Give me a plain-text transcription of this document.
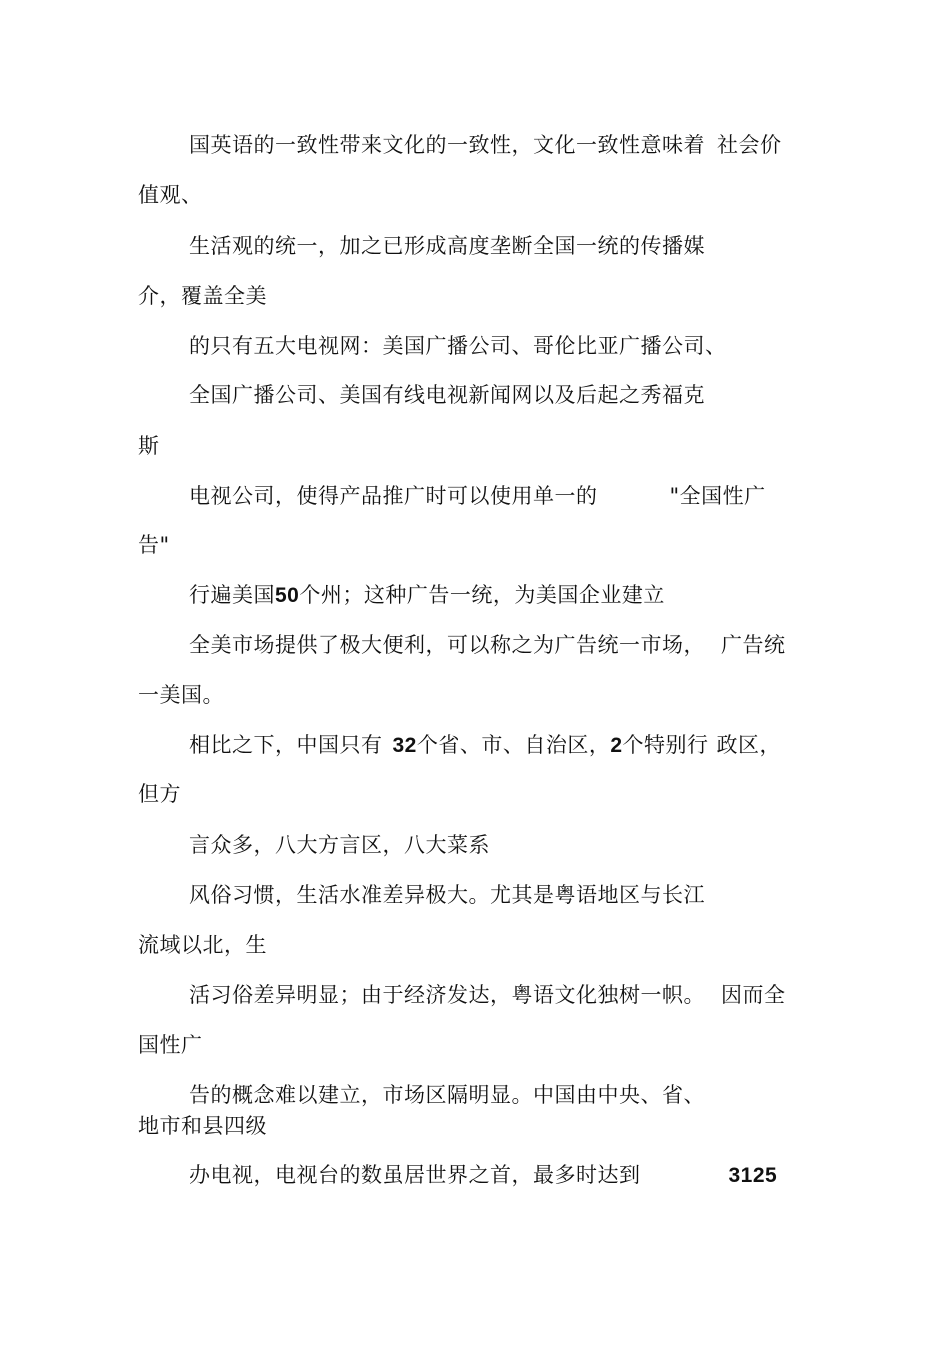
国英语的一致性带来文化的一致性，文化一致性意味着 社会价
值观、
生活观的统一，加之已形成高度垄断全国一统的传播媒
介，覆盖全美
的只有五大电视网：美国广播公司、哥伦比亚广播公司、
全国广播公司、美国有线电视新闻网以及后起之秀福克
斯
电视公司，使得产品推广时可以使用单一的	"全国性广
告"
行遍美国50个州；这种广告一统，为美国企业建立
全美市场提供了极大便利，可以称之为广告统一市场， 广告统
一美国。
相比之下，中国只有 32个省、市、自治区，2个特别行 政区，
但方
言众多，八大方言区，八大菜系
风俗习惯，生活水准差异极大。尤其是粤语地区与长江
流域以北，生
活习俗差异明显；由于经济发达，粤语文化独树一帜。 因而全
国性广
告的概念难以建立，市场区隔明显。中国由中央、省、
地市和县四级
办电视，电视台的数虽居世界之首，最多时达到	3125
